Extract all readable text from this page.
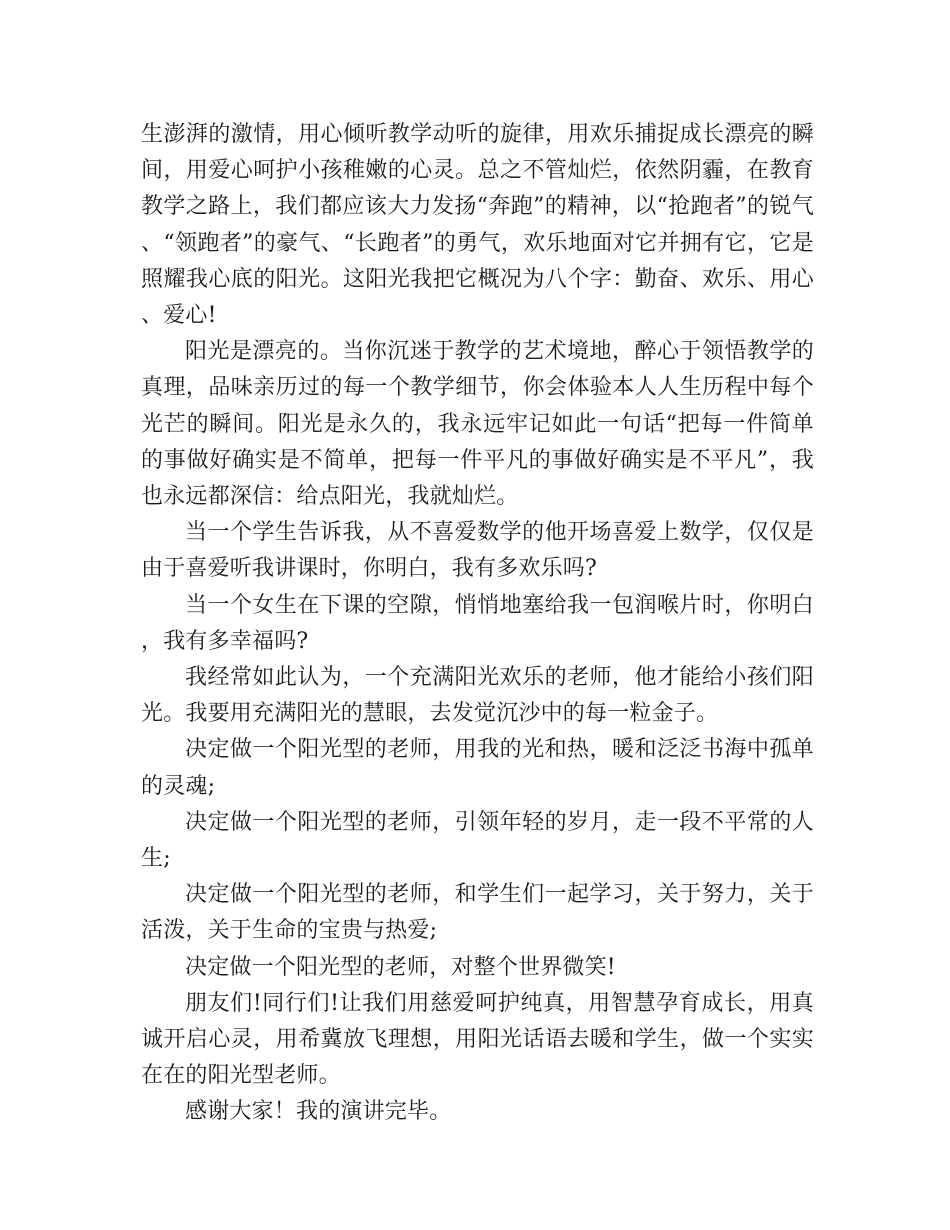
生澎湃的激情，用心倾听教学动听的旋律，用欢乐捕捉成长漂亮的瞬间，用爱心呵护小孩稚嫩的心灵。总之不管灿烂，依然阴霾，在教育教学之路上，我们都应该大力发扬“奔跑”的精神，以“抢跑者”的锐气、“领跑者”的豪气、“长跑者”的勇气，欢乐地面对它并拥有它，它是照耀我心底的阳光。这阳光我把它概况为八个字：勤奋、欢乐、用心、爱心!

阳光是漂亮的。当你沉迷于教学的艺术境地，醉心于领悟教学的真理，品味亲历过的每一个教学细节，你会体验本人人生历程中每个光芒的瞬间。阳光是永久的，我永远牢记如此一句话“把每一件简单的事做好确实是不简单，把每一件平凡的事做好确实是不平凡”，我也永远都深信：给点阳光，我就灿烂。

当一个学生告诉我，从不喜爱数学的他开场喜爱上数学，仅仅是由于喜爱听我讲课时，你明白，我有多欢乐吗?

当一个女生在下课的空隙，悄悄地塞给我一包润喉片时，你明白，我有多幸福吗?

我经常如此认为，一个充满阳光欢乐的老师，他才能给小孩们阳光。我要用充满阳光的慧眼，去发觉沉沙中的每一粒金子。

决定做一个阳光型的老师，用我的光和热，暖和泛泛书海中孤单的灵魂;

决定做一个阳光型的老师，引领年轻的岁月，走一段不平常的人生;

决定做一个阳光型的老师，和学生们一起学习，关于努力，关于活泼，关于生命的宝贵与热爱;

决定做一个阳光型的老师，对整个世界微笑!

朋友们!同行们!让我们用慈爱呵护纯真，用智慧孕育成长，用真诚开启心灵，用希冀放飞理想，用阳光话语去暖和学生，做一个实实在在的阳光型老师。

感谢大家！我的演讲完毕。
